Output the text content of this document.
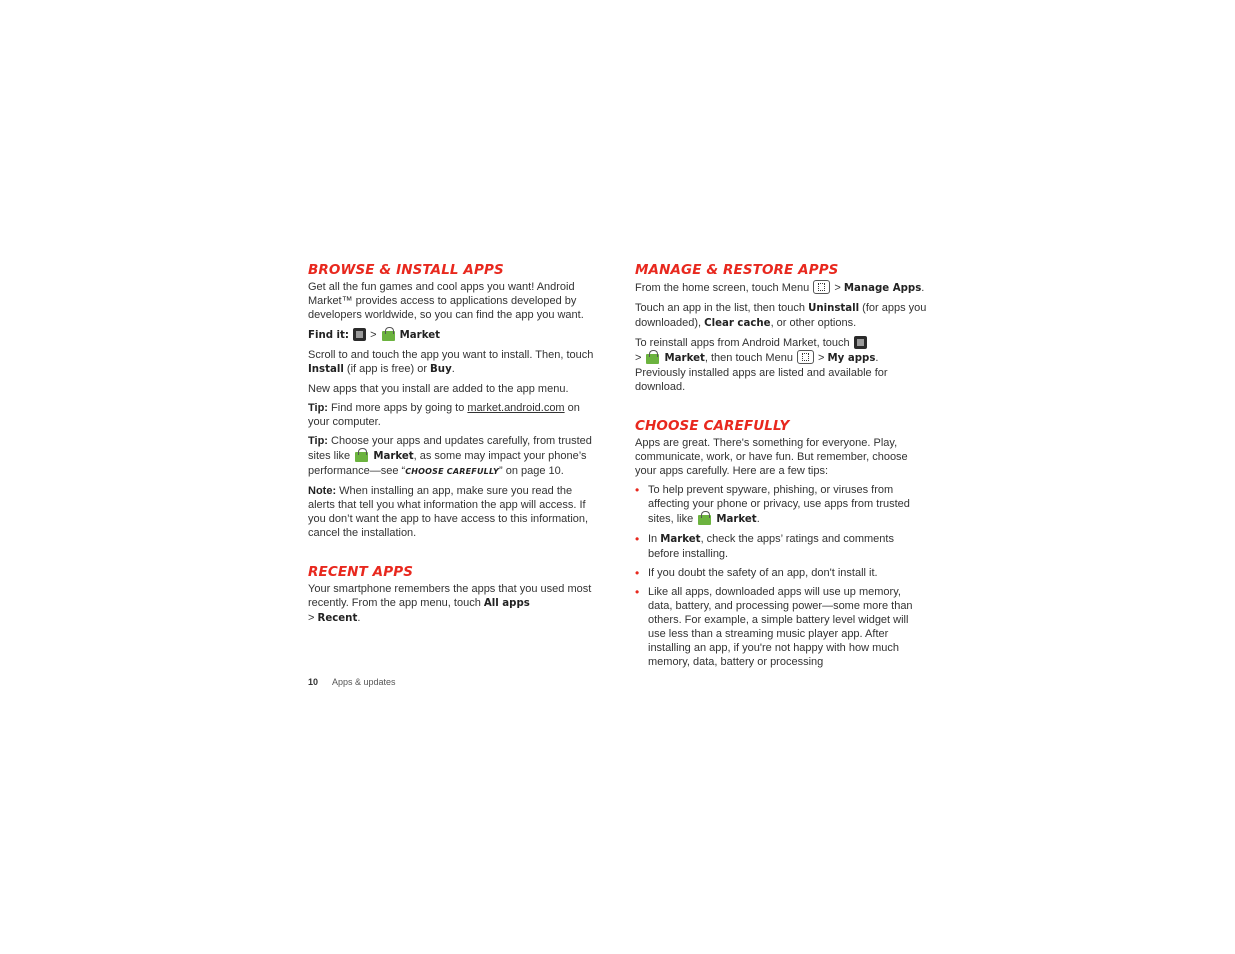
BROWSE & INSTALL APPS

Get all the fun games and cool apps you want! Android Market™ provides access to applications developed by developers worldwide, so you can find the app you want.

Find it: > Market

Scroll to and touch the app you want to install. Then, touch Install (if app is free) or Buy.

New apps that you install are added to the app menu.

Tip: Find more apps by going to market.android.com on your computer.

Tip: Choose your apps and updates carefully, from trusted sites like  Market, as some may impact your phone’s performance—see “CHOOSE CAREFULLY” on page 10.

Note: When installing an app, make sure you read the alerts that tell you what information the app will access. If you don’t want the app to have access to this information, cancel the installation.

RECENT APPS

Your smartphone remembers the apps that you used most recently. From the app menu, touch All apps
> Recent.

MANAGE & RESTORE APPS

From the home screen, touch Menu  > Manage Apps.

Touch an app in the list, then touch Uninstall (for apps you downloaded), Clear cache, or other options.

To reinstall apps from Android Market, touch
>  Market, then touch Menu  > My apps. Previously installed apps are listed and available for download.

CHOOSE CAREFULLY

Apps are great. There's something for everyone. Play, communicate, work, or have fun. But remember, choose your apps carefully. Here are a few tips:

• To help prevent spyware, phishing, or viruses from affecting your phone or privacy, use apps from trusted sites, like  Market.
• In Market, check the apps’ ratings and comments before installing.
• If you doubt the safety of an app, don't install it.
• Like all apps, downloaded apps will use up memory, data, battery, and processing power—some more than others. For example, a simple battery level widget will use less than a streaming music player app. After installing an app, if you're not happy with how much memory, data, battery or processing
10 Apps & updates
